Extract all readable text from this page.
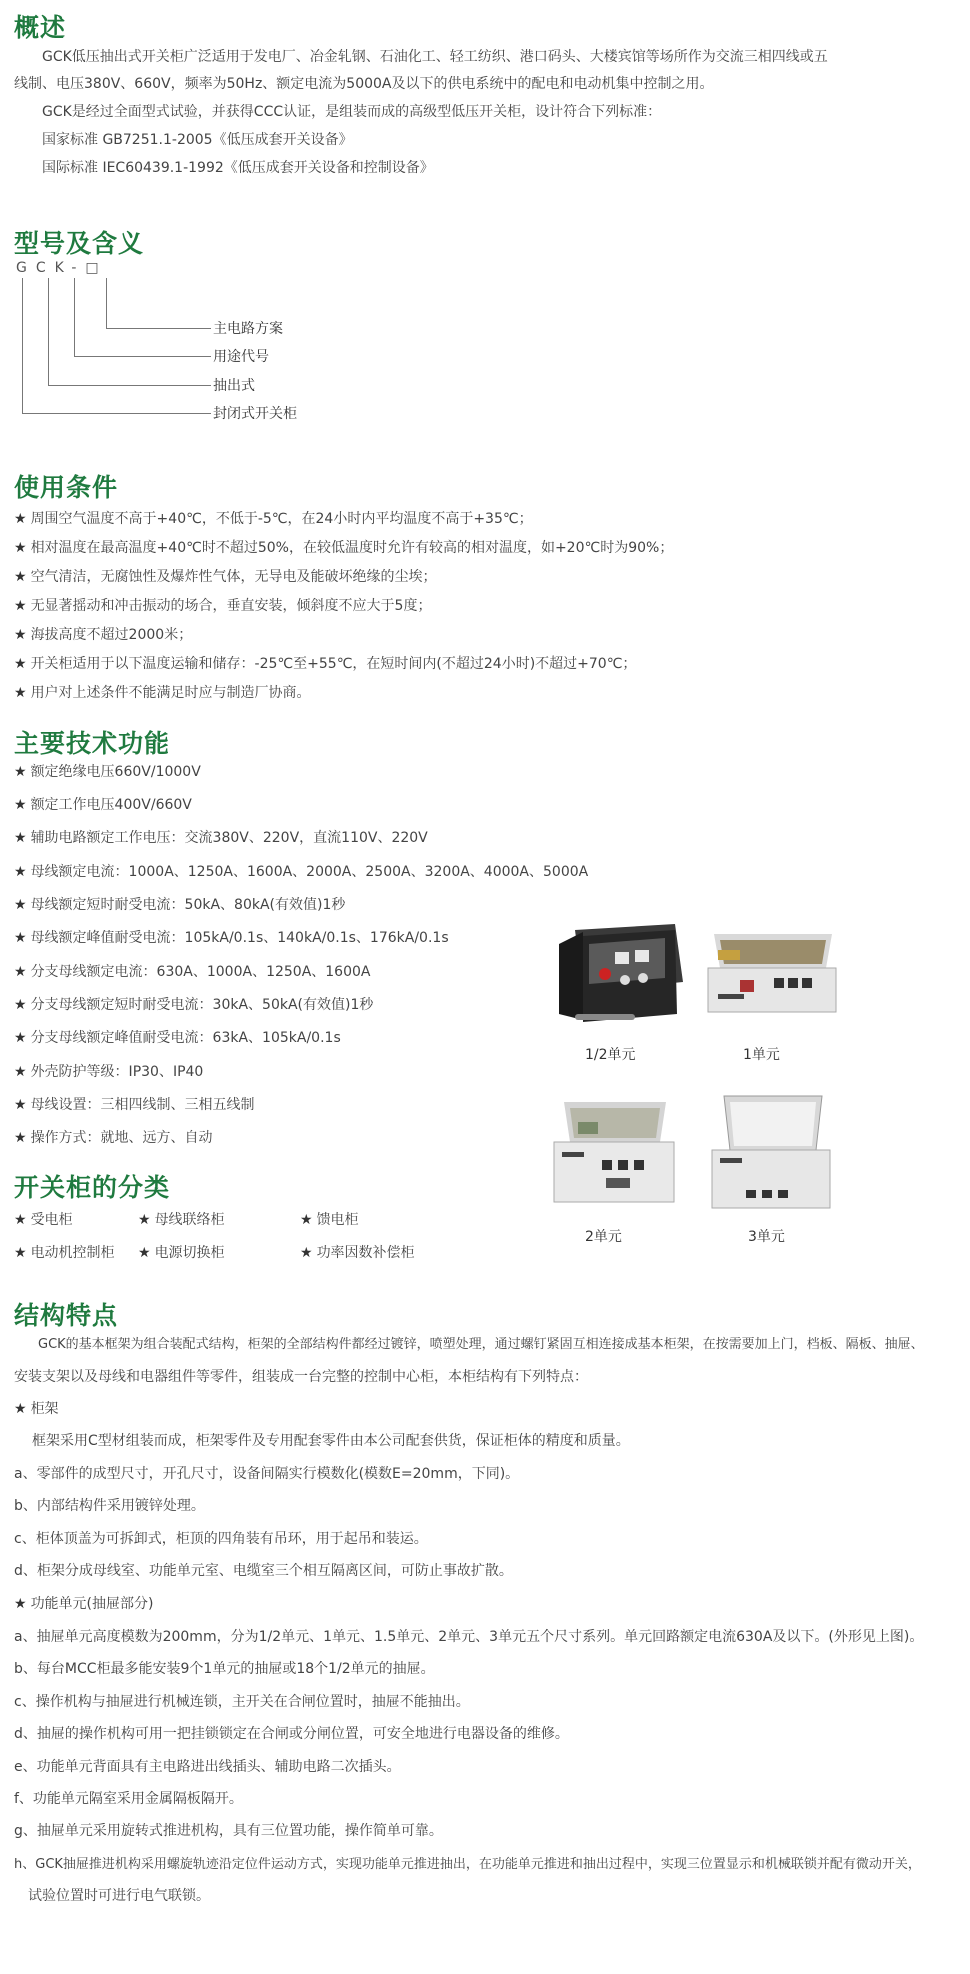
概述

GCK低压抽出式开关柜广泛适用于发电厂、冶金轧钢、石油化工、轻工纺织、港口码头、大楼宾馆等场所作为交流三相四线或五

线制、电压380V、660V，频率为50Hz、额定电流为5000A及以下的供电系统中的配电和电动机集中控制之用。

GCK是经过全面型式试验，并获得CCC认证，是组装而成的高级型低压开关柜，设计符合下列标准：

国家标准 GB7251.1-2005《低压成套开关设备》

国际标准 IEC60439.1-1992《低压成套开关设备和控制设备》

型号及含义
GCK-□
主电路方案
用途代号
抽出式
封闭式开关柜
使用条件

★ 周围空气温度不高于+40℃，不低于-5℃，在24小时内平均温度不高于+35℃；

★ 相对温度在最高温度+40℃时不超过50%，在较低温度时允许有较高的相对温度，如+20℃时为90%；

★ 空气清洁，无腐蚀性及爆炸性气体，无导电及能破坏绝缘的尘埃；

★ 无显著摇动和冲击振动的场合，垂直安装，倾斜度不应大于5度；

★ 海拔高度不超过2000米；

★ 开关柜适用于以下温度运输和储存：-25℃至+55℃，在短时间内(不超过24小时)不超过+70℃；

★ 用户对上述条件不能满足时应与制造厂协商。

主要技术功能

★ 额定绝缘电压660V/1000V

★ 额定工作电压400V/660V

★ 辅助电路额定工作电压：交流380V、220V，直流110V、220V

★ 母线额定电流：1000A、1250A、1600A、2000A、2500A、3200A、4000A、5000A

★ 母线额定短时耐受电流：50kA、80kA(有效值)1秒

★ 母线额定峰值耐受电流：105kA/0.1s、140kA/0.1s、176kA/0.1s

★ 分支母线额定电流：630A、1000A、1250A、1600A

★ 分支母线额定短时耐受电流：30kA、50kA(有效值)1秒

★ 分支母线额定峰值耐受电流：63kA、105kA/0.1s

★ 外壳防护等级：IP30、IP40

★ 母线设置：三相四线制、三相五线制

★ 操作方式：就地、远方、自动

1/2单元	1单元
2单元	3单元
开关柜的分类

★ 受电柜	★ 母线联络柜	★ 馈电柜

★ 电动机控制柜 ★ 电源切换柜	★ 功率因数补偿柜

结构特点

GCK的基本框架为组合装配式结构，柜架的全部结构件都经过镀锌，喷塑处理，通过螺钉紧固互相连接成基本柜架，在按需要加上门，档板、隔板、抽屉、

安装支架以及母线和电器组件等零件，组装成一台完整的控制中心柜，本柜结构有下列特点：

★ 柜架

框架采用C型材组装而成，柜架零件及专用配套零件由本公司配套供货，保证柜体的精度和质量。

a、零部件的成型尺寸，开孔尺寸，设备间隔实行模数化(模数E=20mm，下同)。

b、内部结构件采用镀锌处理。

c、柜体顶盖为可拆卸式，柜顶的四角装有吊环，用于起吊和装运。

d、柜架分成母线室、功能单元室、电缆室三个相互隔离区间，可防止事故扩散。

★ 功能单元(抽屉部分)

a、抽屉单元高度模数为200mm，分为1/2单元、1单元、1.5单元、2单元、3单元五个尺寸系列。单元回路额定电流630A及以下。(外形见上图)。

b、每台MCC柜最多能安装9个1单元的抽屉或18个1/2单元的抽屉。

c、操作机构与抽屉进行机械连锁，主开关在合闸位置时，抽屉不能抽出。

d、抽屉的操作机构可用一把挂锁锁定在合闸或分闸位置，可安全地进行电器设备的维修。

e、功能单元背面具有主电路进出线插头、辅助电路二次插头。

f、功能单元隔室采用金属隔板隔开。

g、抽屉单元采用旋转式推进机构，具有三位置功能，操作简单可靠。

h、GCK抽屉推进机构采用螺旋轨迹沿定位件运动方式，实现功能单元推进抽出，在功能单元推进和抽出过程中，实现三位置显示和机械联锁并配有微动开关，

试验位置时可进行电气联锁。
